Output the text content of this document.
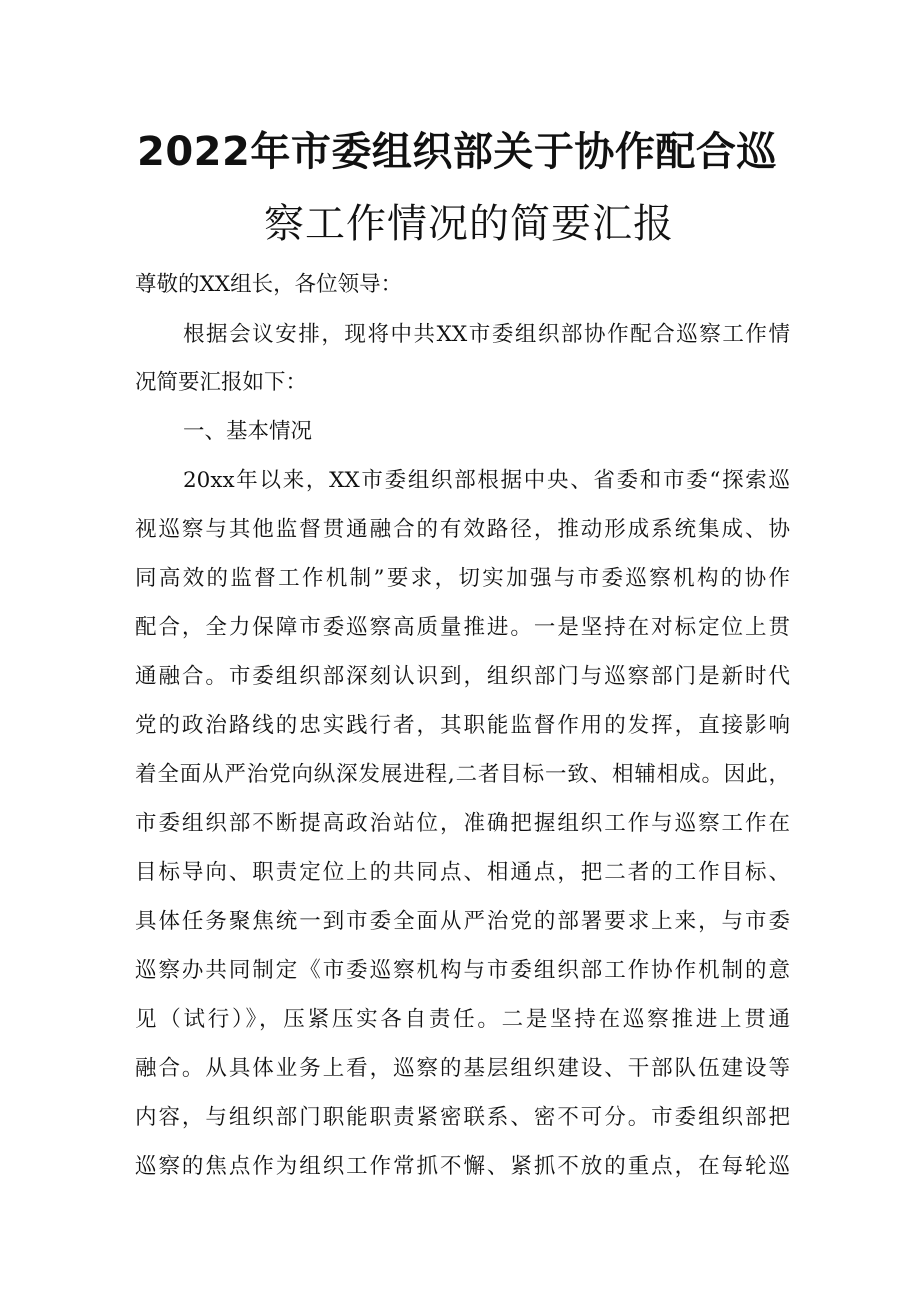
2022年市委组织部关于协作配合巡
察工作情况的简要汇报
尊敬的XX组长，各位领导：
根据会议安排，现将中共XX市委组织部协作配合巡察工作情
况简要汇报如下：
一、基本情况
20xx年以来，XX市委组织部根据中央、省委和市委“探索巡
视巡察与其他监督贯通融合的有效路径，推动形成系统集成、协
同高效的监督工作机制”要求，切实加强与市委巡察机构的协作
配合，全力保障市委巡察高质量推进。一是坚持在对标定位上贯
通融合。市委组织部深刻认识到，组织部门与巡察部门是新时代
党的政治路线的忠实践行者，其职能监督作用的发挥，直接影响
着全面从严治党向纵深发展进程,二者目标一致、相辅相成。因此，
市委组织部不断提高政治站位，准确把握组织工作与巡察工作在
目标导向、职责定位上的共同点、相通点，把二者的工作目标、
具体任务聚焦统一到市委全面从严治党的部署要求上来，与市委
巡察办共同制定《市委巡察机构与市委组织部工作协作机制的意
见（试行）》，压紧压实各自责任。二是坚持在巡察推进上贯通
融合。从具体业务上看，巡察的基层组织建设、干部队伍建设等
内容，与组织部门职能职责紧密联系、密不可分。市委组织部把
巡察的焦点作为组织工作常抓不懈、紧抓不放的重点，在每轮巡
